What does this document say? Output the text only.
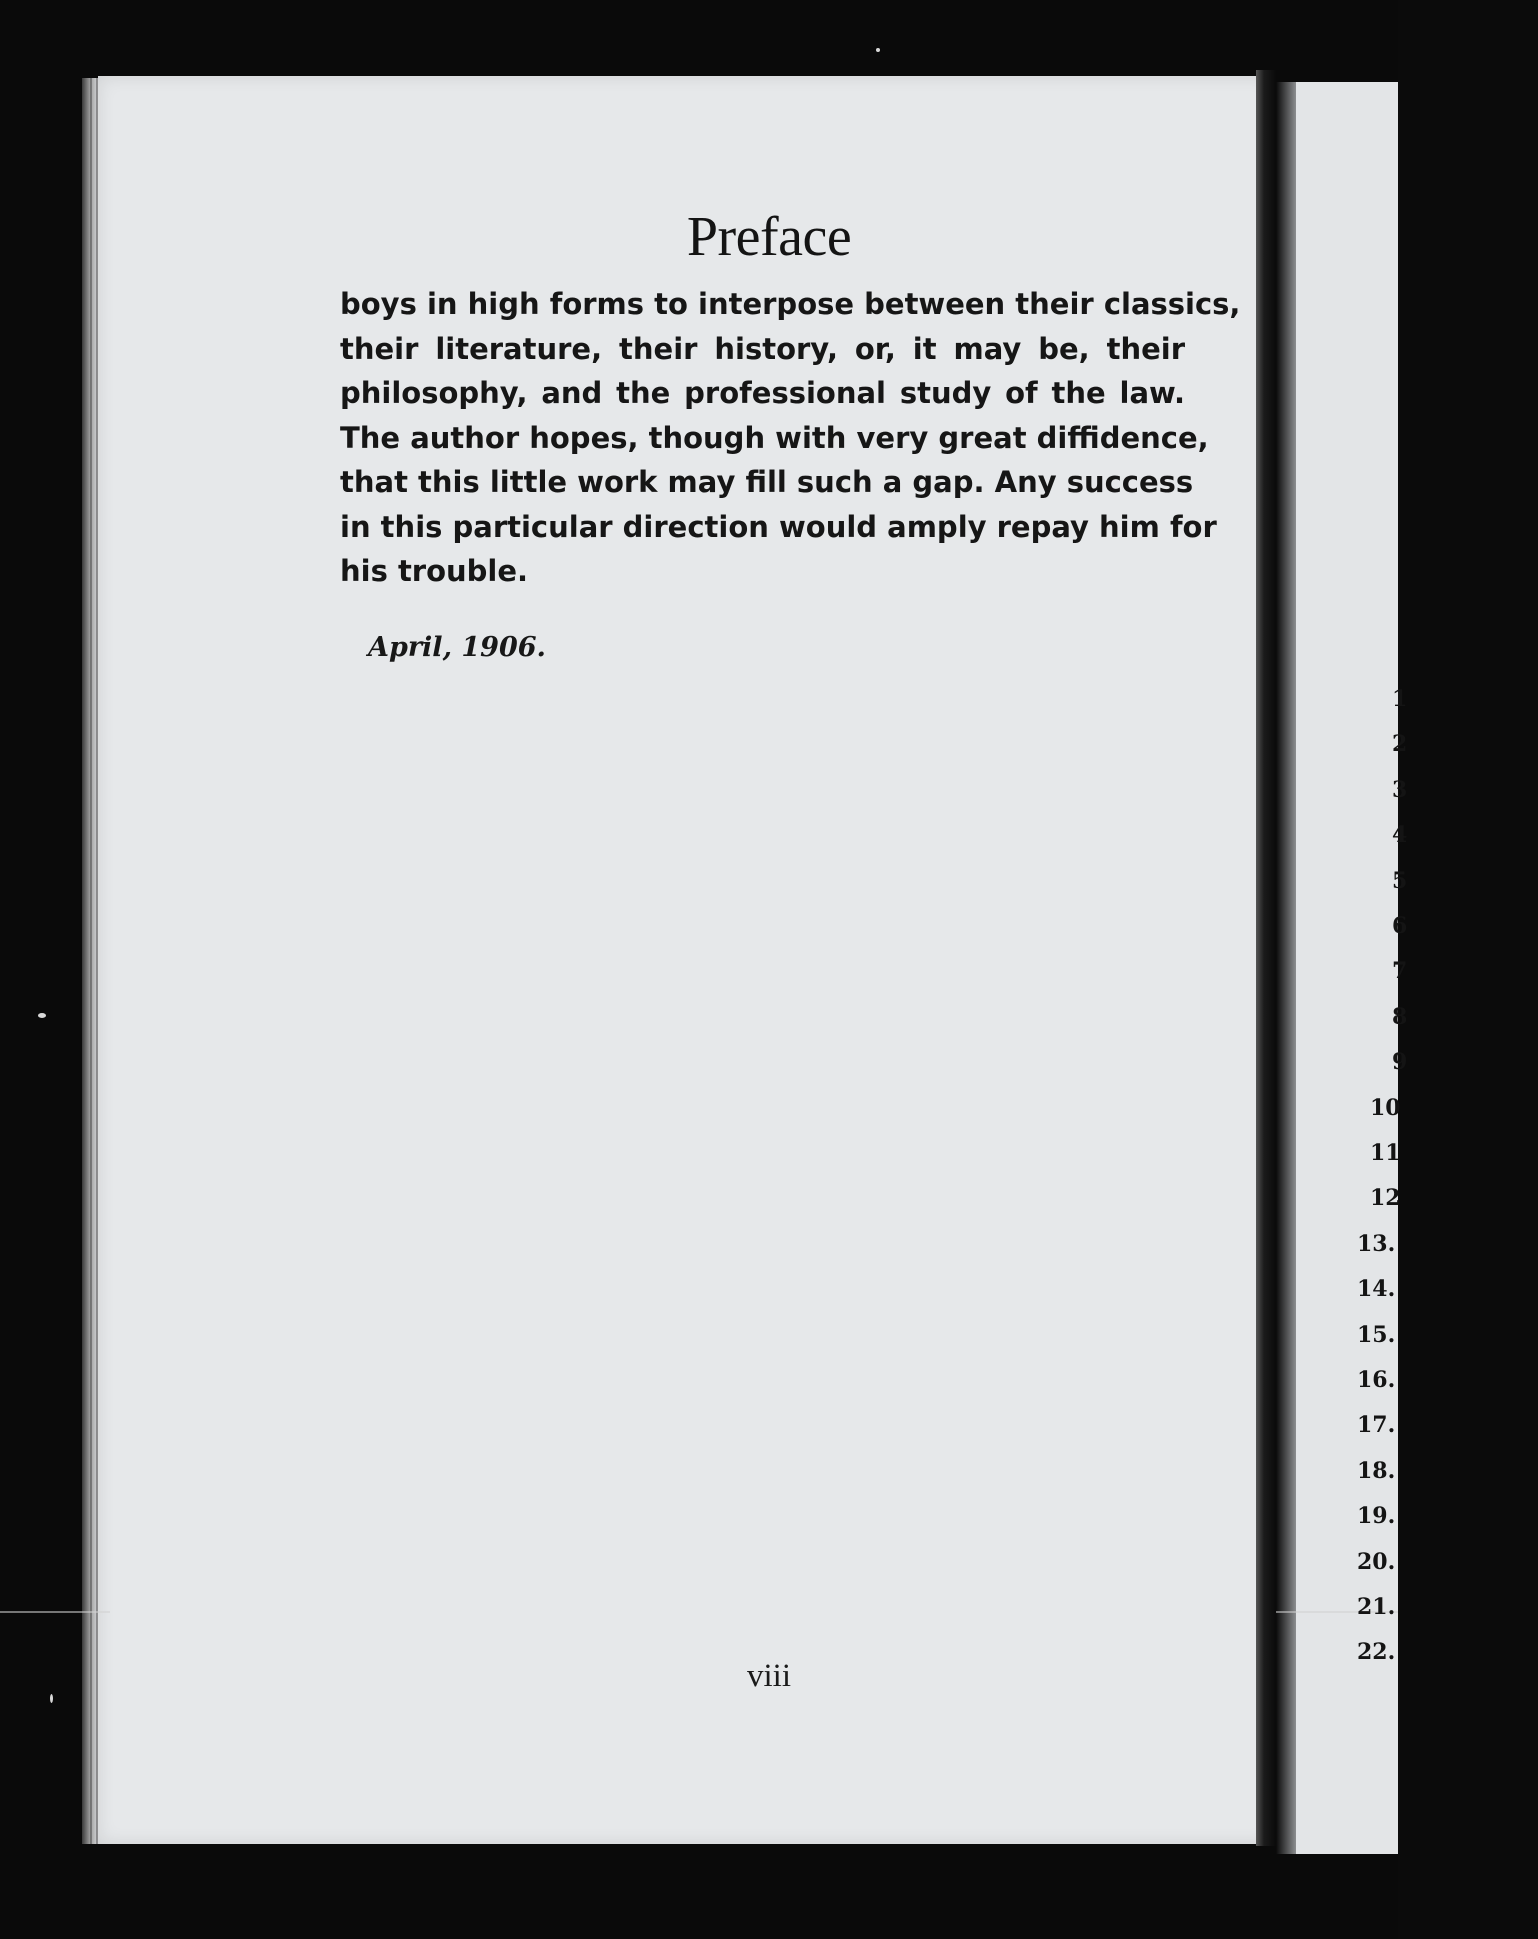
Preface
boys in high forms to interpose between their classics,
their literature, their history, or, it may be, their
philosophy, and the professional study of the law.
The author hopes, though with very great diffidence,
that this little work may fill such a gap. Any success
in this particular direction would amply repay him for
his trouble.

April, 1906.

viii

1
2
3
4
5
6
7
8
9
10
11
12
13.
14.
15.
16.
17.
18.
19.
20.
21.
22.
